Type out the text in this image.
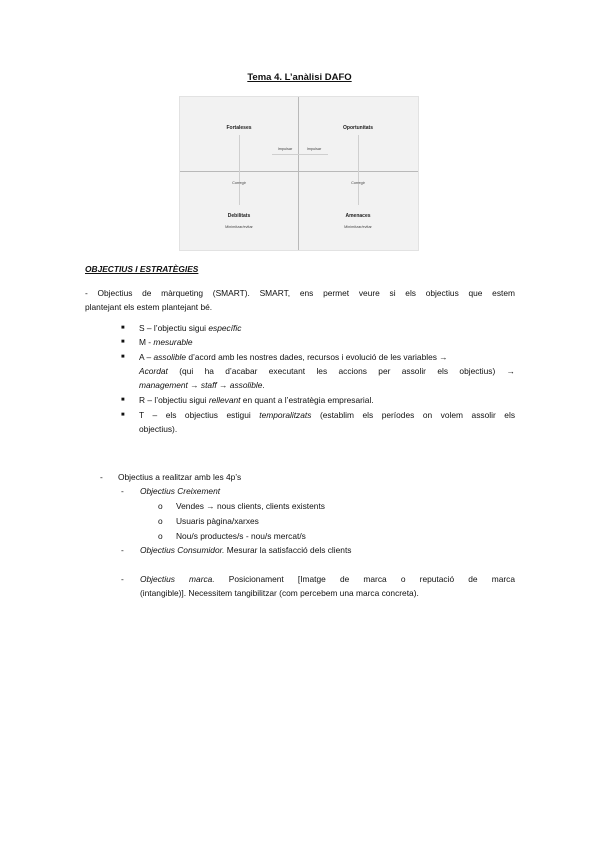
Tema 4. L’anàlisi DAFO
Fortaleses	Oportunitats
Impulsar	Impulsar
Corregir	Corregir
Debilitats	Amenaces
Minimitzar/evitar	Minimitzar/evitar
OBJECTIUS I ESTRATÈGIES
- Objectius de màrqueting (SMART). SMART, ens permet veure si els objectius que estem
plantejant els estem plantejant bé.
■ S – l’objectiu sigui específic
■ M - mesurable
■ A – assolible d’acord amb les nostres dades, recursos i evolució de les variables →
Acordat (qui ha d’acabar executant les accions per assolir els objectius) →
management → staff → assolible.
■ R – l’objectiu sigui rellevant en quant a l’estratègia empresarial.
■ T – els objectius estigui temporalitzats (establim els períodes on volem assolir els
objectius).
- Objectius a realitzar amb les 4p’s
- Objectius Creixement
o Vendes → nous clients, clients existents
o Usuaris pàgina/xarxes
o Nou/s productes/s - nou/s mercat/s
- Objectius Consumidor. Mesurar la satisfacció dels clients
- Objectius marca. Posicionament [Imatge de marca o reputació de marca
(intangible)]. Necessitem tangibilitzar (com percebem una marca concreta).
